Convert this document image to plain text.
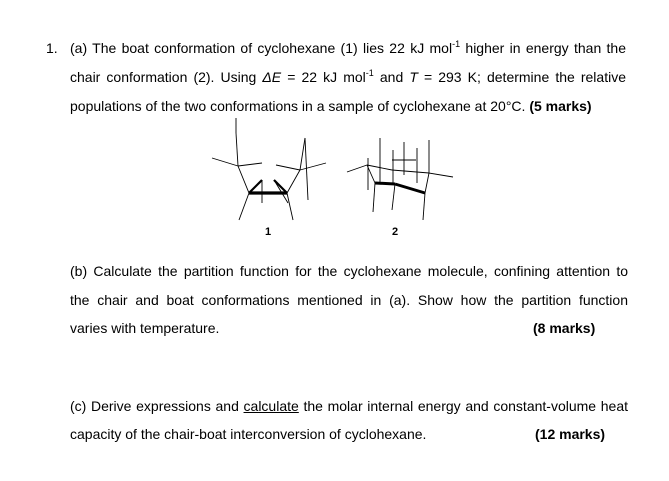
1. (a) The boat conformation of cyclohexane (1) lies 22 kJ mol$^{-1}$ higher in energy than the
chair conformation (2). Using ΔE = 22 kJ mol$^{-1}$ and T = 293 K; determine the relative
populations of the two conformations in a sample of cyclohexane at 20°C. (5 marks)
1	2
(b) Calculate the partition function for the cyclohexane molecule, confining attention to
the chair and boat conformations mentioned in (a). Show how the partition function
varies with temperature.	(8 marks)
(c) Derive expressions and calculate the molar internal energy and constant-volume heat
capacity of the chair-boat interconversion of cyclohexane.	(12 marks)
